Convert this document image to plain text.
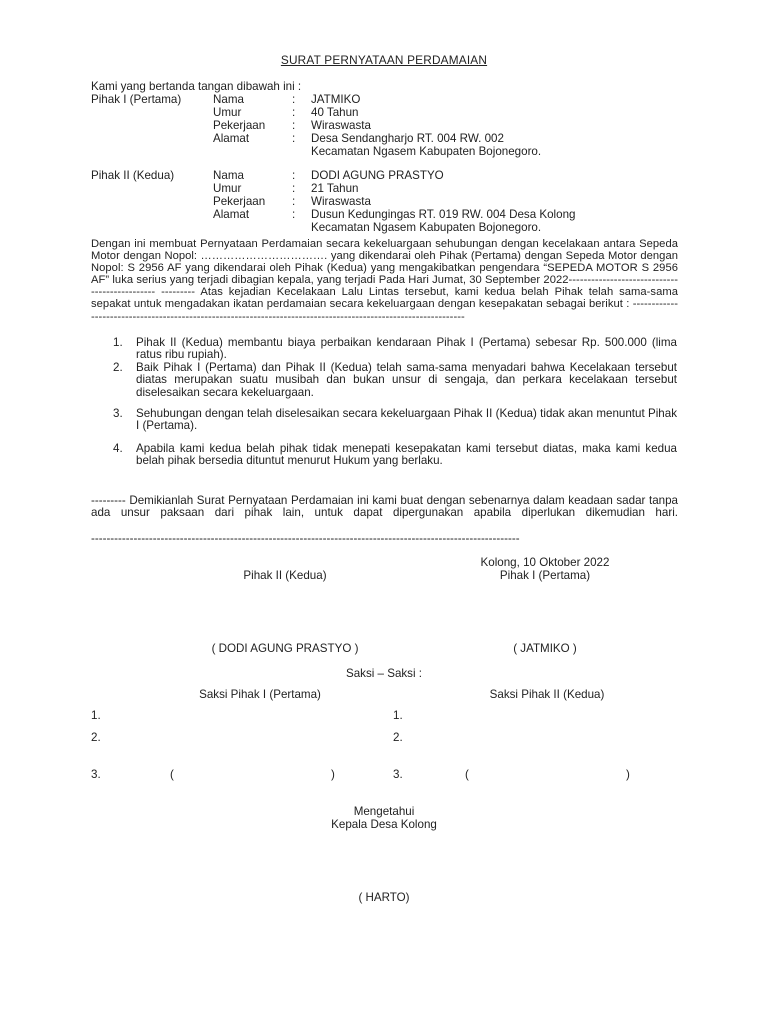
SURAT PERNYATAAN PERDAMAIAN
Kami yang bertanda tangan dibawah ini :
Pihak I (Pertama)	Nama	: JATMIKO
Umur	: 40 Tahun
Pekerjaan : Wiraswasta
Alamat	: Desa Sendangharjo RT. 004 RW. 002
Kecamatan Ngasem Kabupaten Bojonegoro.
Pihak II (Kedua)	Nama	: DODI AGUNG PRASTYO
Umur	: 21 Tahun
Pekerjaan : Wiraswasta
Alamat	: Dusun Kedungingas RT. 019 RW. 004 Desa Kolong
Kecamatan Ngasem Kabupaten Bojonegoro.
Dengan ini membuat Pernyataan Perdamaian secara kekeluargaan sehubungan dengan kecelakaan antara Sepeda Motor dengan Nopol: ……………………………. yang dikendarai oleh Pihak (Pertama) dengan Sepeda Motor dengan Nopol: S 2956 AF yang dikendarai oleh Pihak (Kedua) yang mengakibatkan pengendara “SEPEDA MOTOR S 2956 AF” luka serius yang terjadi dibagian kepala, yang terjadi Pada Hari Jumat, 30 September 2022---------------------------------------------- --------- Atas kejadian Kecelakaan Lalu Lintas tersebut, kami kedua belah Pihak telah sama-sama sepakat untuk mengadakan ikatan perdamaian secara kekeluargaan dengan kesepakatan sebagai berikut : ---------------------------------------------------------------------------------------------------------------
1. Pihak II (Kedua) membantu biaya perbaikan kendaraan Pihak I (Pertama) sebesar Rp. 500.000 (lima ratus ribu rupiah).
2. Baik Pihak I (Pertama) dan Pihak II (Kedua) telah sama-sama menyadari bahwa Kecelakaan tersebut diatas merupakan suatu musibah dan bukan unsur di sengaja, dan perkara kecelakaan tersebut diselesaikan secara kekeluargaan.
3. Sehubungan dengan telah diselesaikan secara kekeluargaan Pihak II (Kedua) tidak akan menuntut Pihak I (Pertama).
4. Apabila kami kedua belah pihak tidak menepati kesepakatan kami tersebut diatas, maka kami kedua belah pihak bersedia dituntut menurut Hukum yang berlaku.
--------- Demikianlah Surat Pernyataan Perdamaian ini kami buat dengan sebenarnya dalam keadaan sadar tanpa ada unsur paksaan dari pihak lain, untuk dapat dipergunakan apabila diperlukan dikemudian hari.
---------------------------------------------------------------------------------------------------------------
Kolong, 10 Oktober 2022
Pihak II (Kedua)	Pihak I (Pertama)
( DODI AGUNG PRASTYO )	( JATMIKO )
Saksi – Saksi :
Saksi Pihak I (Pertama)	Saksi Pihak II (Kedua)
1.	1.
2.	2.
3.	(	)	3.	(	)
Mengetahui
Kepala Desa Kolong
( HARTO)
